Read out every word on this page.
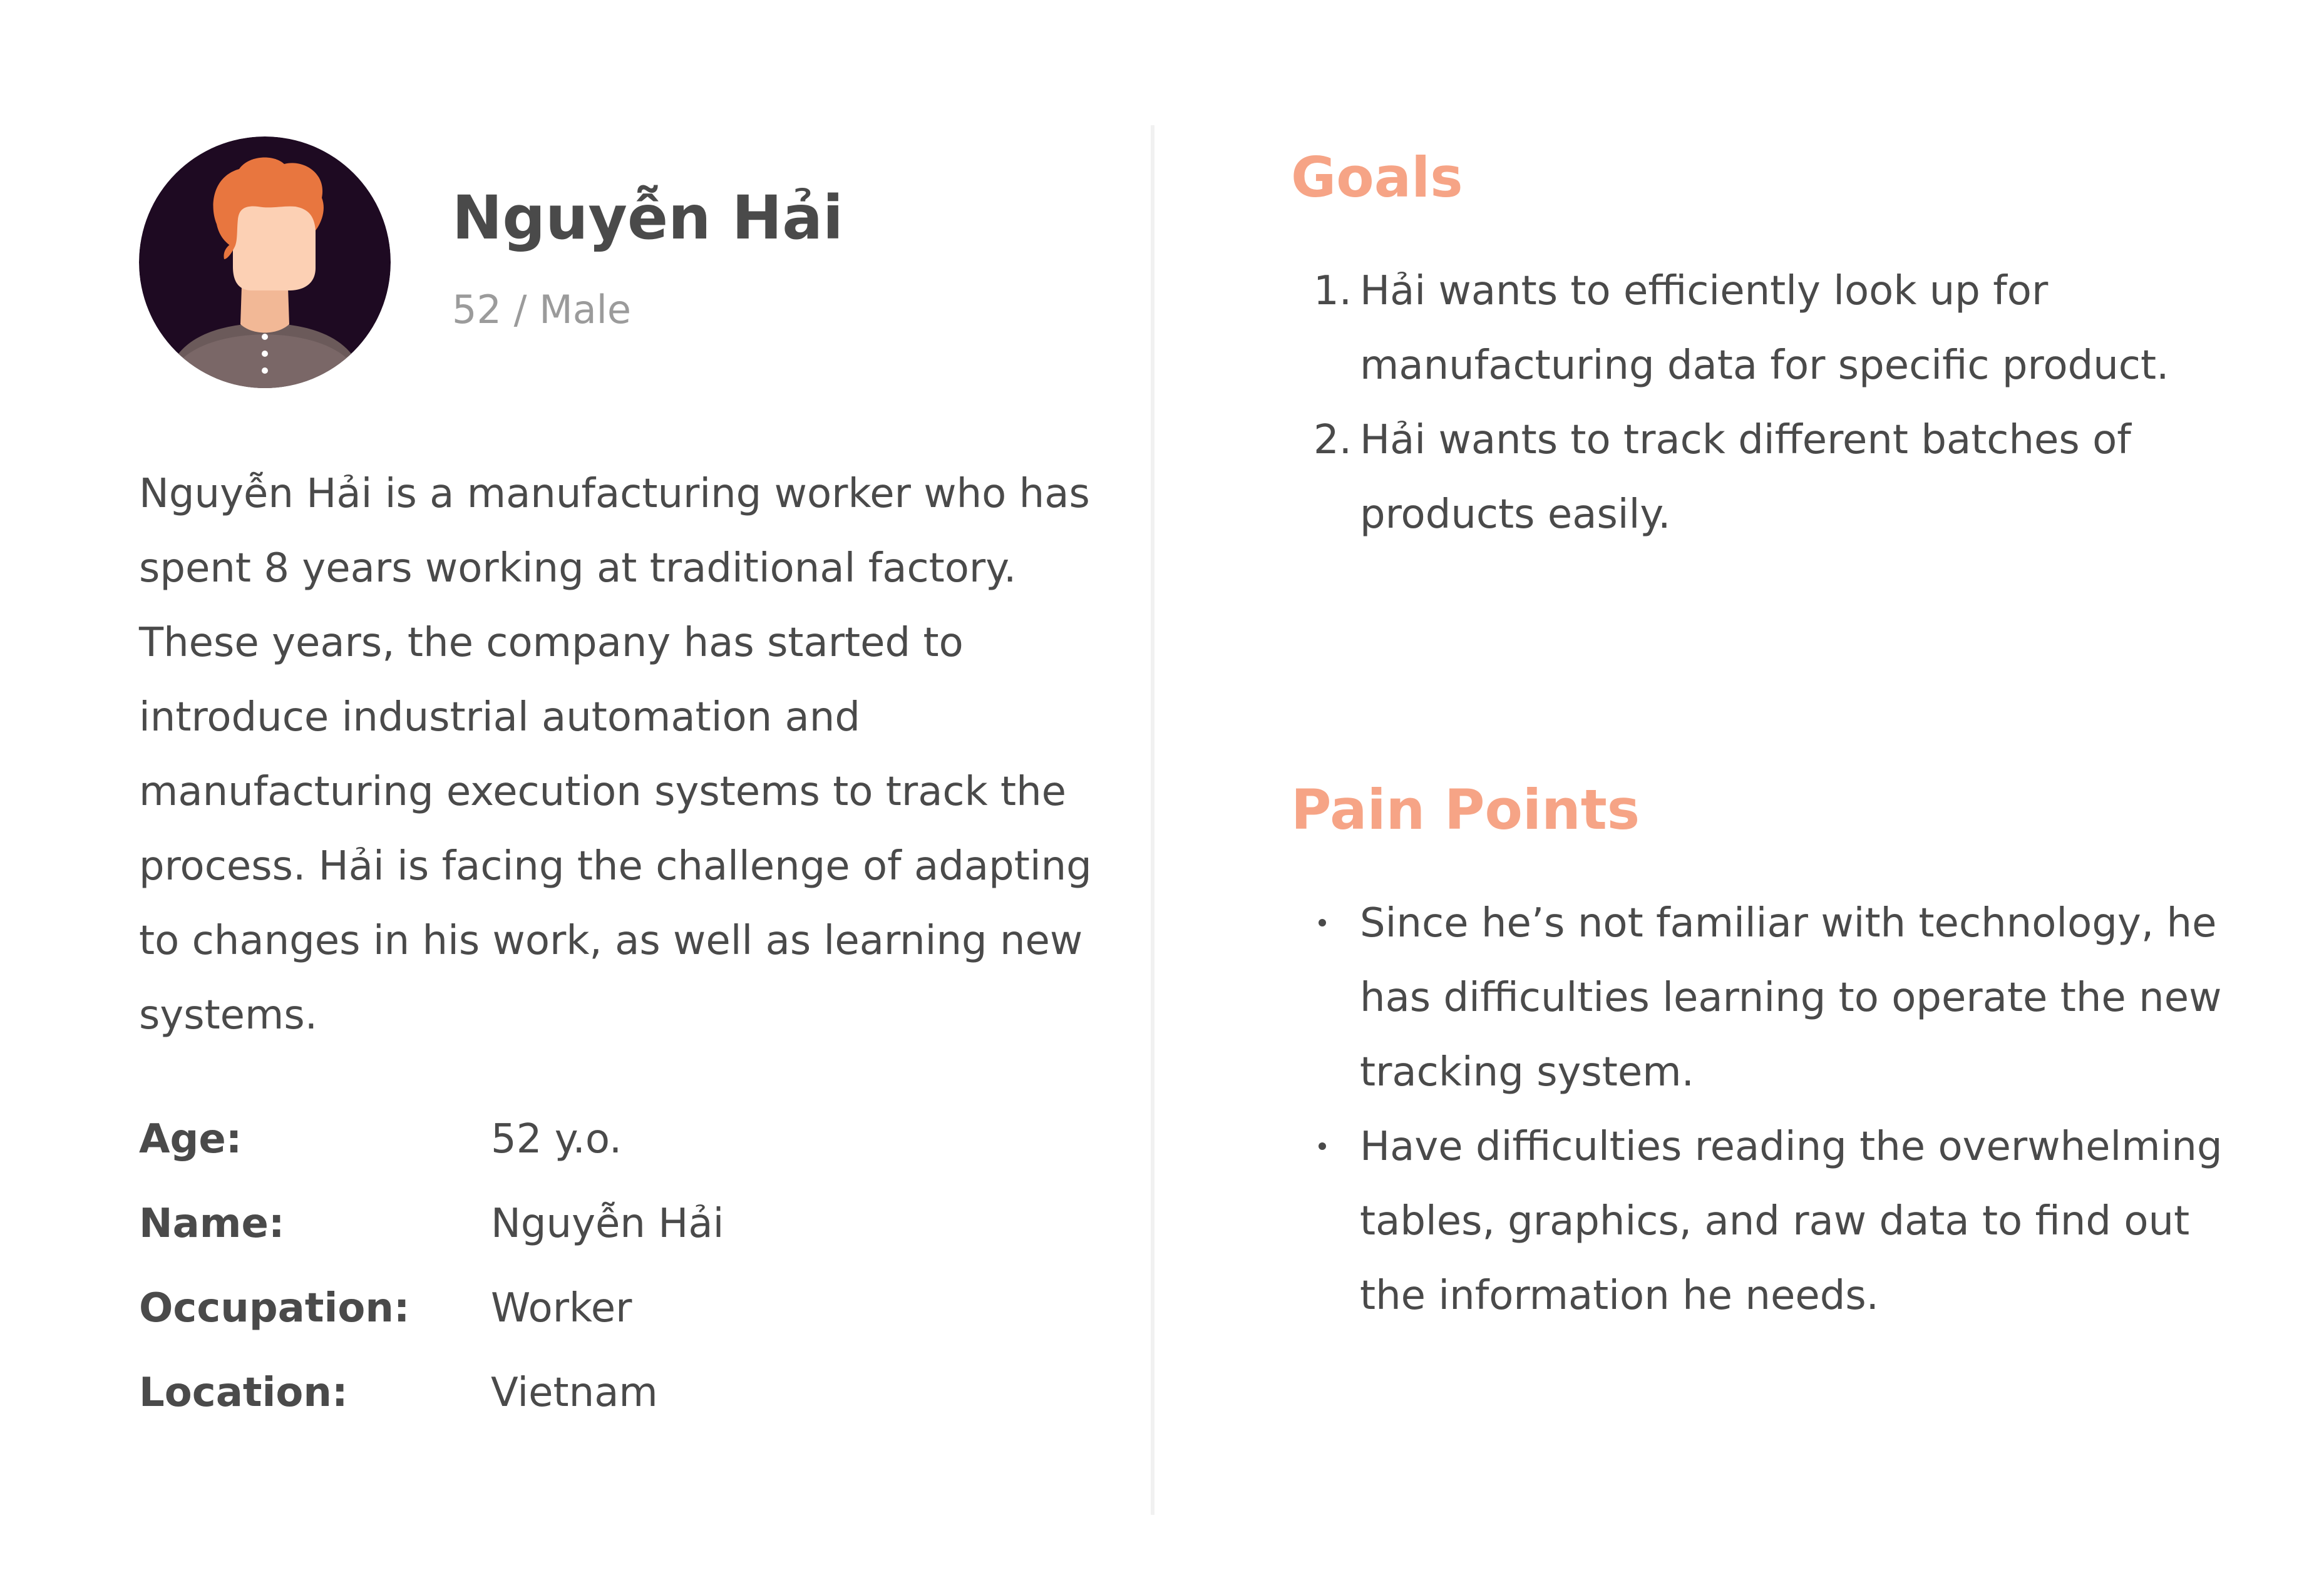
Nguyễn Hải
52 / Male

Nguyễn Hải is a manufacturing worker who has
spent 8 years working at traditional factory.
These years, the company has started to
introduce industrial automation and
manufacturing execution systems to track the
process. Hải is facing the challenge of adapting
to changes in his work, as well as learning new
systems.

Age:	52 y.o.
Name:	Nguyễn Hải
Occupation: Worker
Location:	Vietnam
Goals
1. Hải wants to efficiently look up for
manufacturing data for specific product.
2. Hải wants to track different batches of
products easily.
Pain Points
Since he’s not familiar with technology, he
has difficulties learning to operate the new
tracking system.
Have difficulties reading the overwhelming
tables, graphics, and raw data to find out
the information he needs.
